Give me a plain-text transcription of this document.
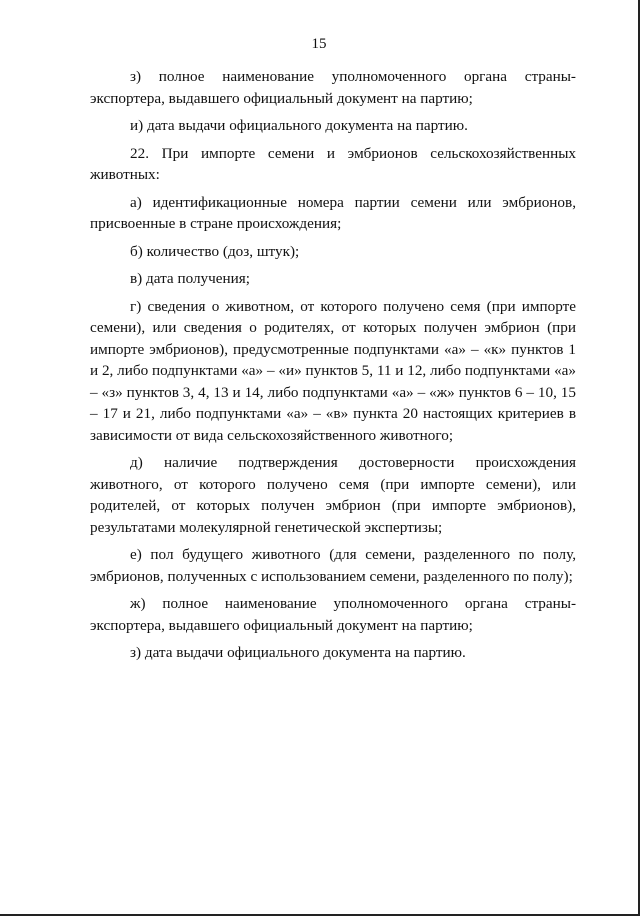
15

з) полное наименование уполномоченного органа страны-экспортера, выдавшего официальный документ на партию;

и) дата выдачи официального документа на партию.

22. При импорте семени и эмбрионов сельскохозяйственных животных:

а) идентификационные номера партии семени или эмбрионов, присвоенные в стране происхождения;

б) количество (доз, штук);

в) дата получения;

г) сведения о животном, от которого получено семя (при импорте семени), или сведения о родителях, от которых получен эмбрион (при импорте эмбрионов), предусмотренные подпунктами «а» – «к» пунктов 1 и 2, либо подпунктами «а» – «и» пунктов 5, 11 и 12, либо подпунктами «а» – «з» пунктов 3, 4, 13 и 14, либо подпунктами «а» – «ж» пунктов 6 – 10, 15 – 17 и 21, либо подпунктами «а» – «в» пункта 20 настоящих критериев в зависимости от вида сельскохозяйственного животного;

д) наличие подтверждения достоверности происхождения животного, от которого получено семя (при импорте семени), или родителей, от которых получен эмбрион (при импорте эмбрионов), результатами молекулярной генетической экспертизы;

е) пол будущего животного (для семени, разделенного по полу, эмбрионов, полученных с использованием семени, разделенного по полу);

ж) полное наименование уполномоченного органа страны-экспортера, выдавшего официальный документ на партию;

з) дата выдачи официального документа на партию.
